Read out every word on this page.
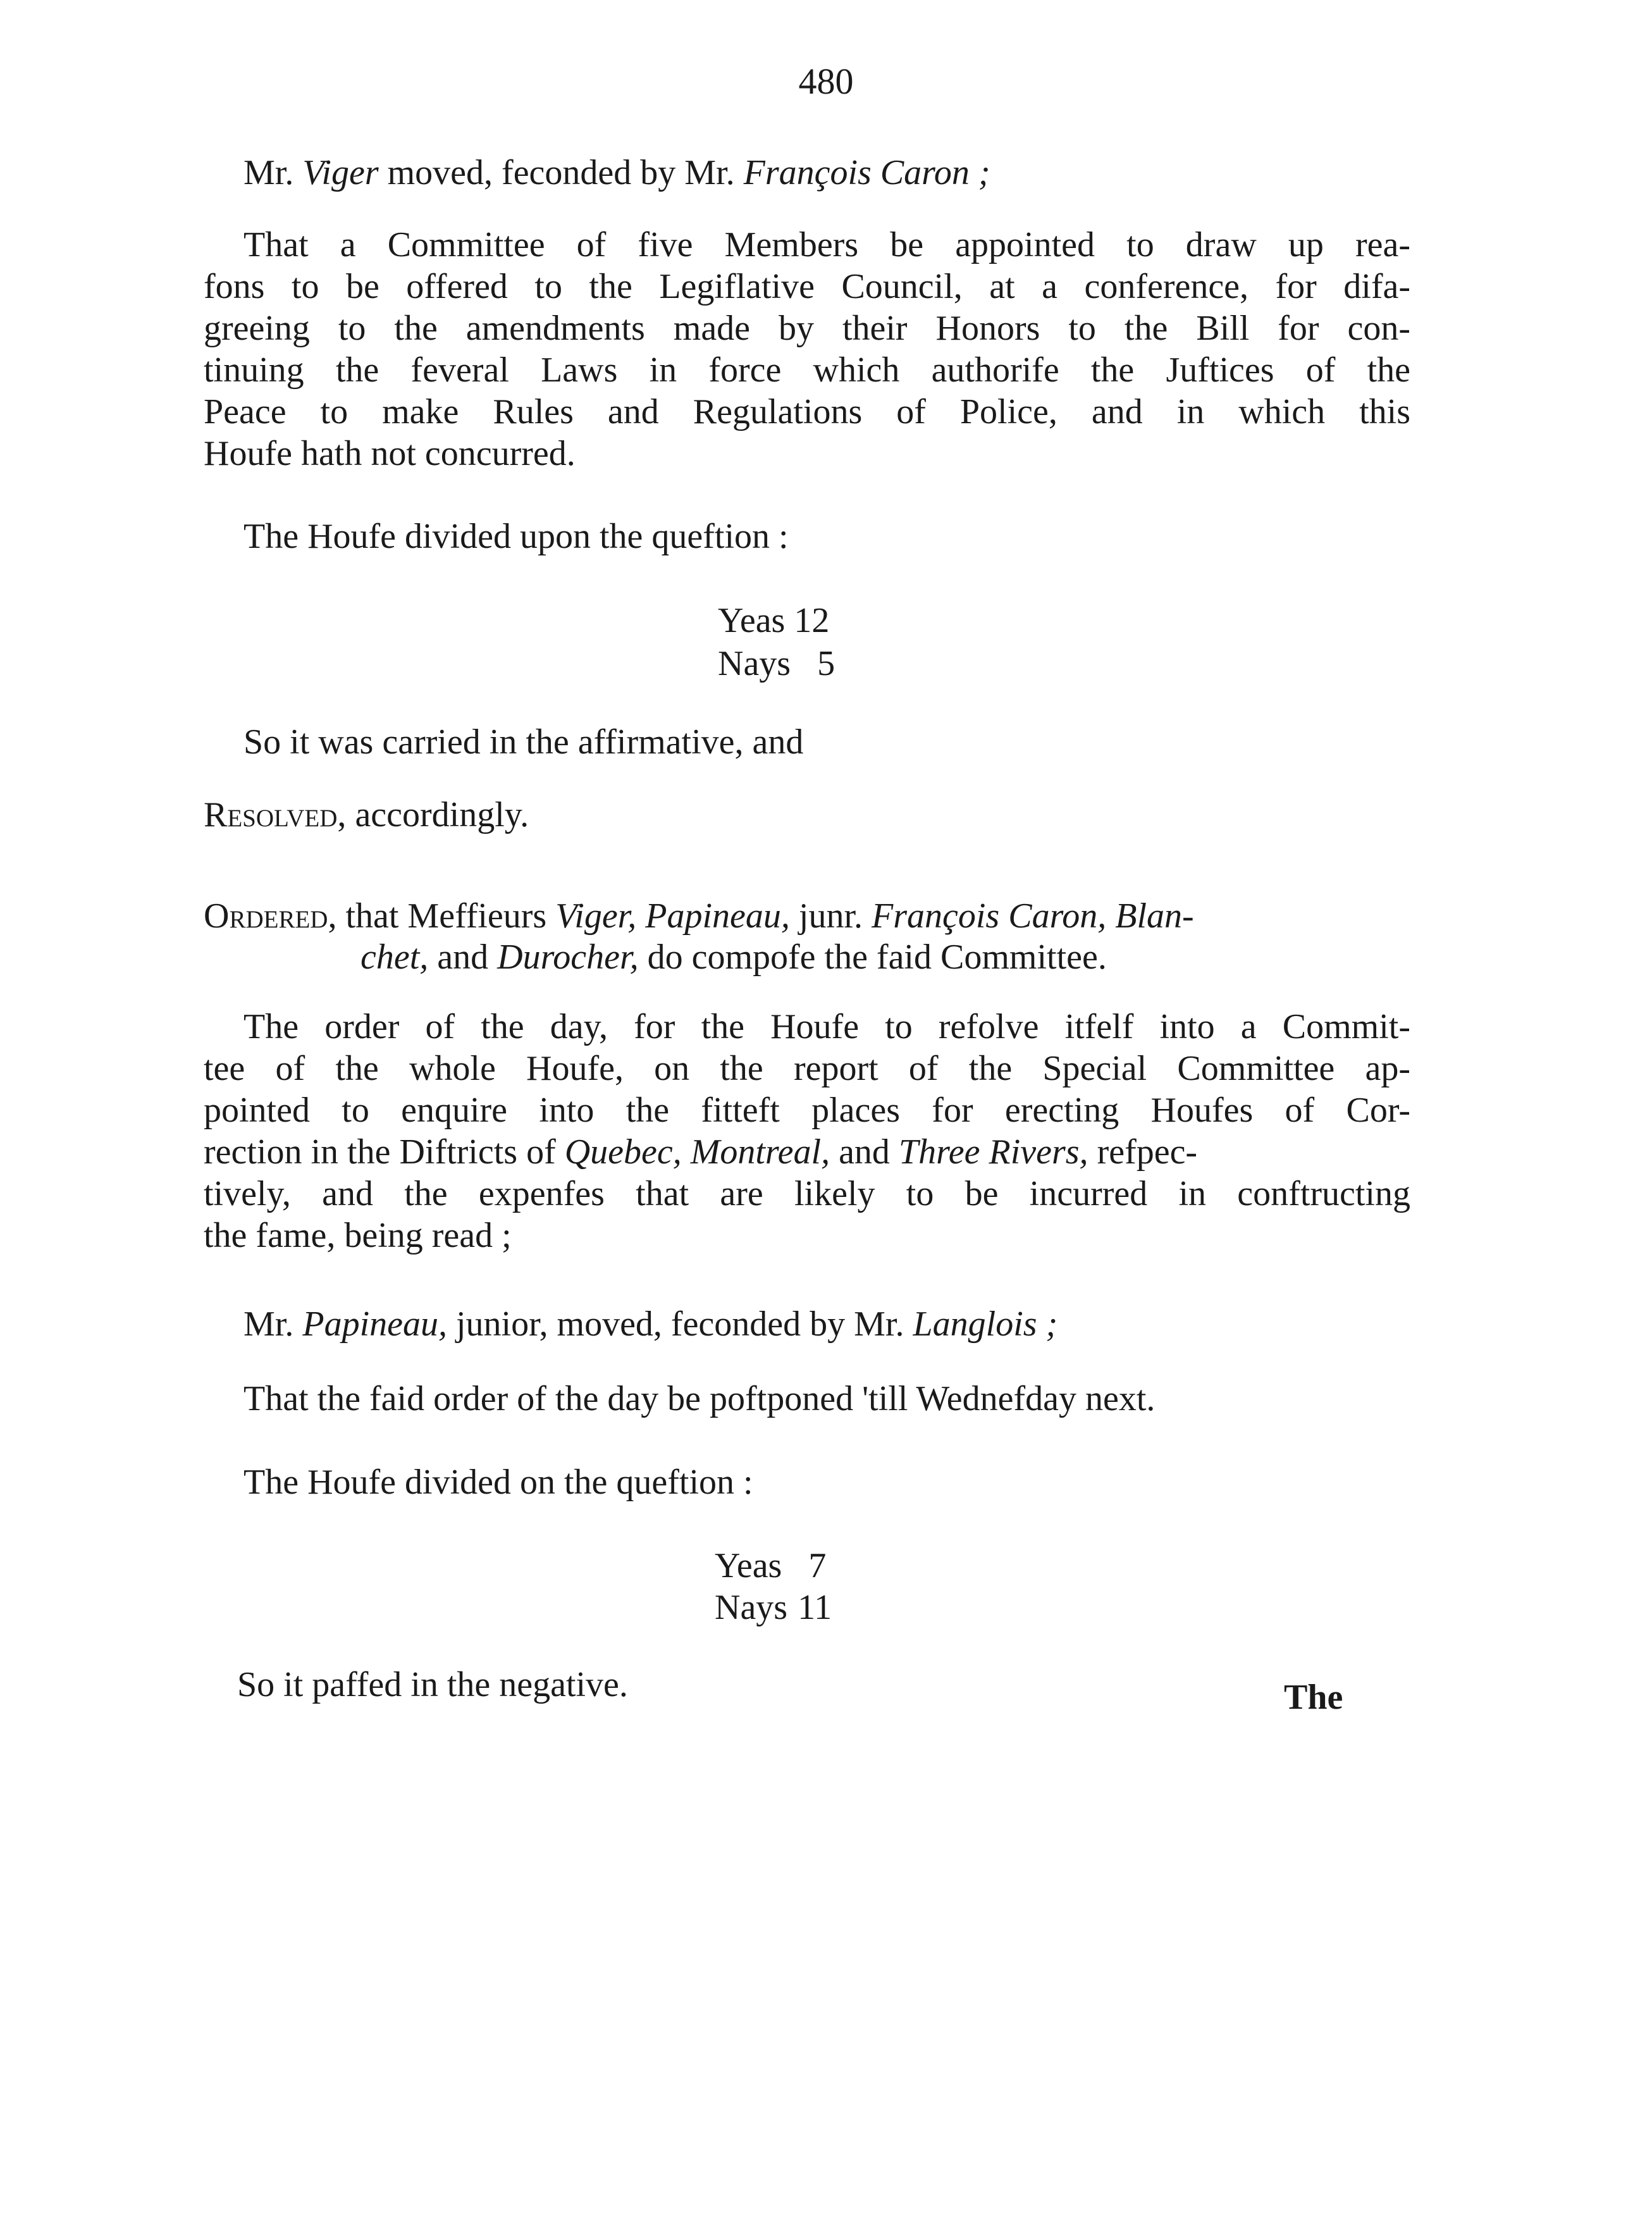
480
Mr. Viger moved, feconded by Mr. François Caron ;
That a Committee of five Members be appointed to draw up rea-
fons to be offered to the Legiflative Council, at a conference, for difa-
greeing to the amendments made by their Honors to the Bill for con-
tinuing the feveral Laws in force which authorife the Juftices of the
Peace to make Rules and Regulations of Police, and in which this
Houfe hath not concurred.
The Houfe divided upon the queftion :
Yeas 12
Nays 5
So it was carried in the affirmative, and
Resolved, accordingly.
Ordered, that Meffieurs Viger, Papineau, junr. François Caron, Blan-
chet, and Durocher, do compofe the faid Committee.
The order of the day, for the Houfe to refolve itfelf into a Commit-
tee of the whole Houfe, on the report of the Special Committee ap-
pointed to enquire into the fitteft places for erecting Houfes of Cor-
rection in the Diftricts of Quebec, Montreal, and Three Rivers, refpec-
tively, and the expenfes that are likely to be incurred in conftructing
the fame, being read ;
Mr. Papineau, junior, moved, feconded by Mr. Langlois ;
That the faid order of the day be poftponed 'till Wednefday next.
The Houfe divided on the queftion :
Yeas 7
Nays 11
So it paffed in the negative.	The
